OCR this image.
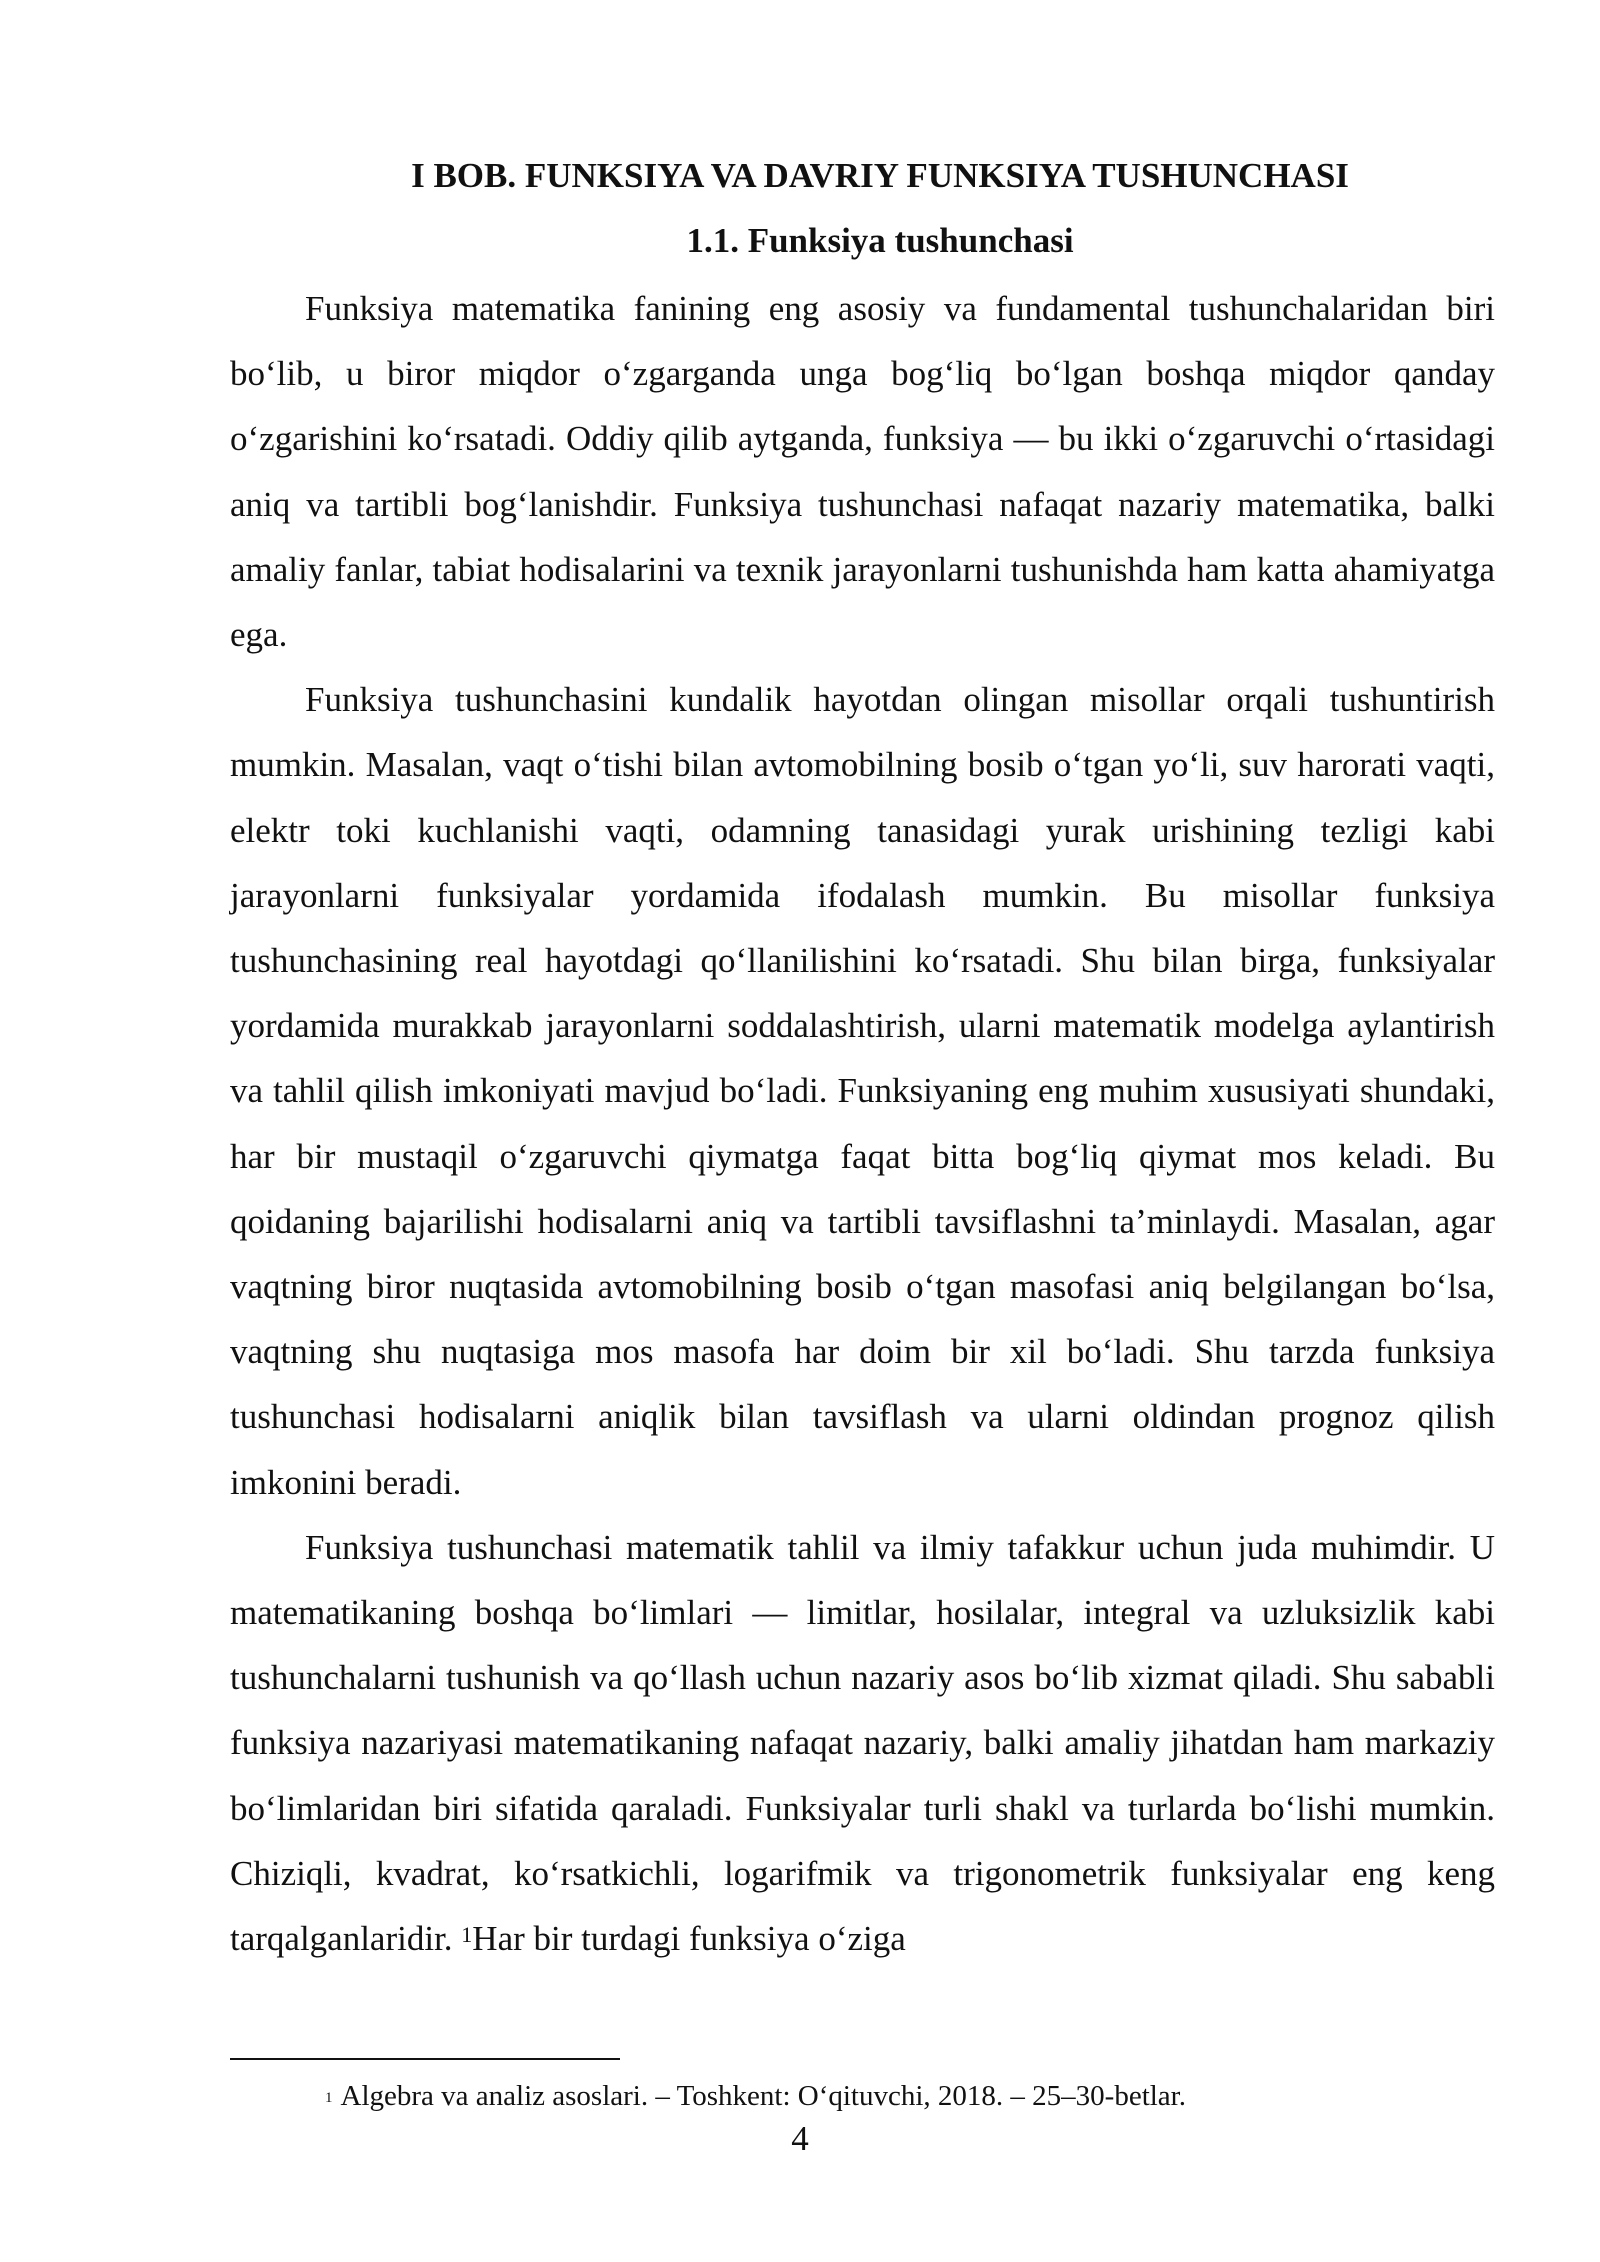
I BOB. FUNKSIYA VA DAVRIY FUNKSIYA TUSHUNCHASI
1.1. Funksiya tushunchasi

Funksiya matematika fanining eng asosiy va fundamental tushunchalaridan biri bo‘lib, u biror miqdor o‘zgarganda unga bog‘liq bo‘lgan boshqa miqdor qanday o‘zgarishini ko‘rsatadi. Oddiy qilib aytganda, funksiya — bu ikki o‘zgaruvchi o‘rtasidagi aniq va tartibli bog‘lanishdir. Funksiya tushunchasi nafaqat nazariy matematika, balki amaliy fanlar, tabiat hodisalarini va texnik jarayonlarni tushunishda ham katta ahamiyatga ega.

Funksiya tushunchasini kundalik hayotdan olingan misollar orqali tushuntirish mumkin. Masalan, vaqt o‘tishi bilan avtomobilning bosib o‘tgan yo‘li, suv harorati vaqti, elektr toki kuchlanishi vaqti, odamning tanasidagi yurak urishining tezligi kabi jarayonlarni funksiyalar yordamida ifodalash mumkin. Bu misollar funksiya tushunchasining real hayotdagi qo‘llanilishini ko‘rsatadi. Shu bilan birga, funksiyalar yordamida murakkab jarayonlarni soddalashtirish, ularni matematik modelga aylantirish va tahlil qilish imkoniyati mavjud bo‘ladi. Funksiyaning eng muhim xususiyati shundaki, har bir mustaqil o‘zgaruvchi qiymatga faqat bitta bog‘liq qiymat mos keladi. Bu qoidaning bajarilishi hodisalarni aniq va tartibli tavsiflashni ta’minlaydi. Masalan, agar vaqtning biror nuqtasida avtomobilning bosib o‘tgan masofasi aniq belgilangan bo‘lsa, vaqtning shu nuqtasiga mos masofa har doim bir xil bo‘ladi. Shu tarzda funksiya tushunchasi hodisalarni aniqlik bilan tavsiflash va ularni oldindan prognoz qilish imkonini beradi.

Funksiya tushunchasi matematik tahlil va ilmiy tafakkur uchun juda muhimdir. U matematikaning boshqa bo‘limlari — limitlar, hosilalar, integral va uzluksizlik kabi tushunchalarni tushunish va qo‘llash uchun nazariy asos bo‘lib xizmat qiladi. Shu sababli funksiya nazariyasi matematikaning nafaqat nazariy, balki amaliy jihatdan ham markaziy bo‘limlaridan biri sifatida qaraladi. Funksiyalar turli shakl va turlarda bo‘lishi mumkin. Chiziqli, kvadrat, ko‘rsatkichli, logarifmik va trigonometrik funksiyalar eng keng tarqalganlaridir. $^1$Har bir turdagi funksiya o‘ziga

$^1$ Algebra va analiz asoslari. – Toshkent: O‘qituvchi, 2018. – 25–30-betlar.
4
